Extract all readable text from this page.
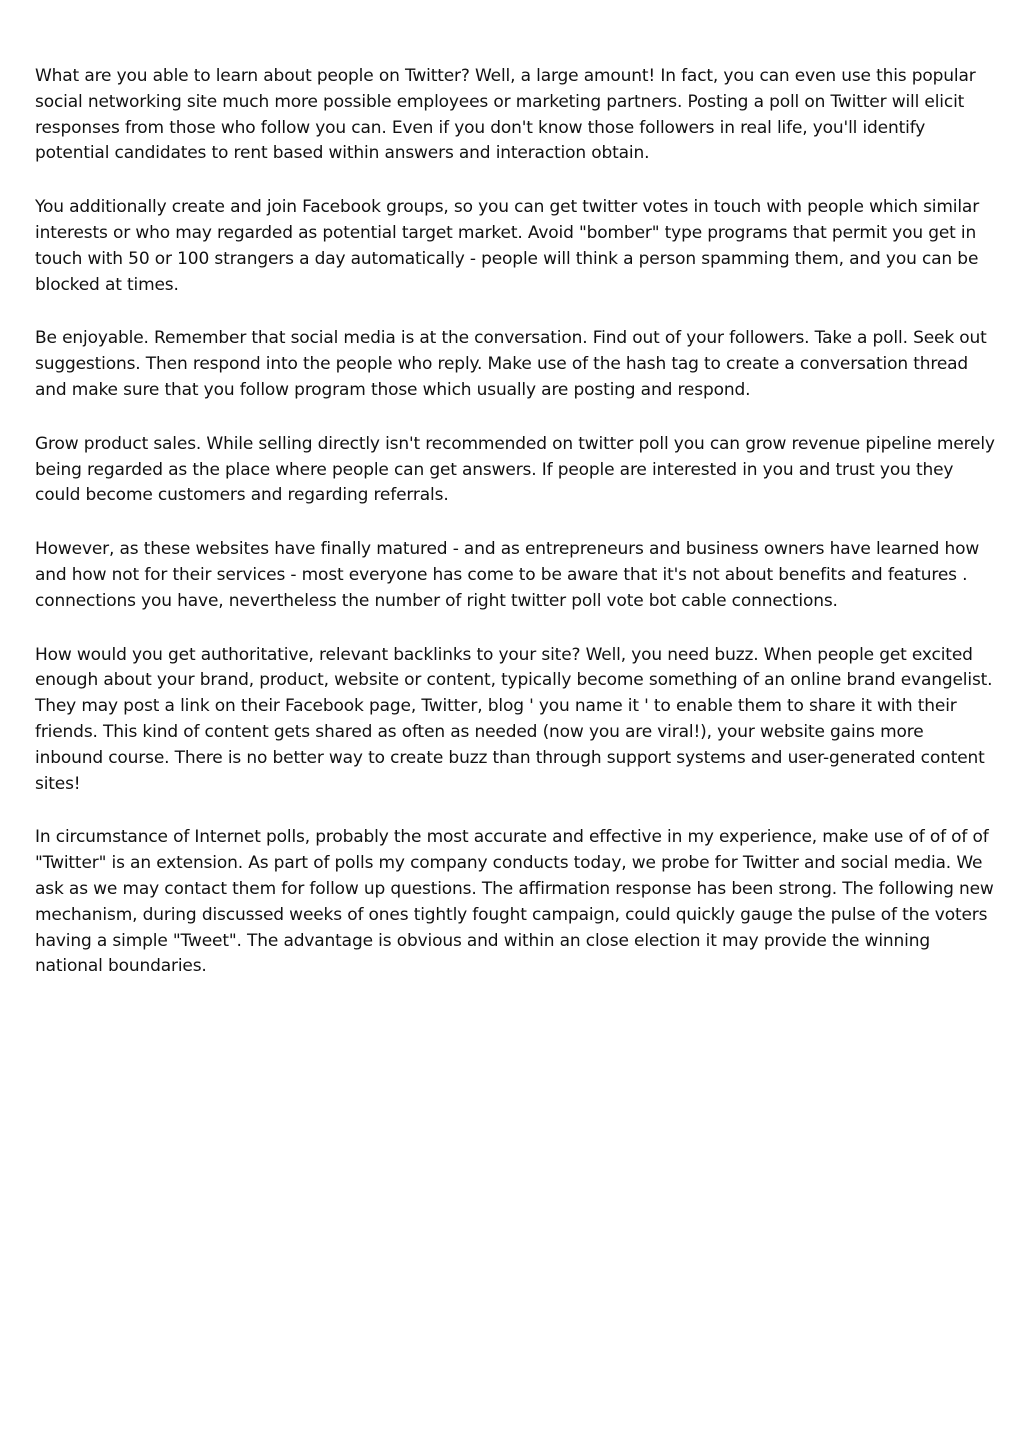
What are you able to learn about people on Twitter? Well, a large amount! In fact, you can even use this popular social networking site much more possible employees or marketing partners. Posting a poll on Twitter will elicit responses from those who follow you can. Even if you don't know those followers in real life, you'll identify potential candidates to rent based within answers and interaction obtain.

You additionally create and join Facebook groups, so you can get twitter votes in touch with people which similar interests or who may regarded as potential target market. Avoid "bomber" type programs that permit you get in touch with 50 or 100 strangers a day automatically - people will think a person spamming them, and you can be blocked at times.

Be enjoyable. Remember that social media is at the conversation. Find out of your followers. Take a poll. Seek out suggestions. Then respond into the people who reply. Make use of the hash tag to create a conversation thread and make sure that you follow program those which usually are posting and respond.

Grow product sales. While selling directly isn't recommended on twitter poll you can grow revenue pipeline merely being regarded as the place where people can get answers. If people are interested in you and trust you they could become customers and regarding referrals.

However, as these websites have finally matured - and as entrepreneurs and business owners have learned how and how not for their services - most everyone has come to be aware that it's not about benefits and features . connections you have, nevertheless the number of right twitter poll vote bot cable connections.

How would you get authoritative, relevant backlinks to your site? Well, you need buzz. When people get excited enough about your brand, product, website or content, typically become something of an online brand evangelist. They may post a link on their Facebook page, Twitter, blog ' you name it ' to enable them to share it with their friends. This kind of content gets shared as often as needed (now you are viral!), your website gains more inbound course. There is no better way to create buzz than through support systems and user-generated content sites!

In circumstance of Internet polls, probably the most accurate and effective in my experience, make use of of of of "Twitter" is an extension. As part of polls my company conducts today, we probe for Twitter and social media. We ask as we may contact them for follow up questions. The affirmation response has been strong. The following new mechanism, during discussed weeks of ones tightly fought campaign, could quickly gauge the pulse of the voters having a simple "Tweet". The advantage is obvious and within an close election it may provide the winning national boundaries.
